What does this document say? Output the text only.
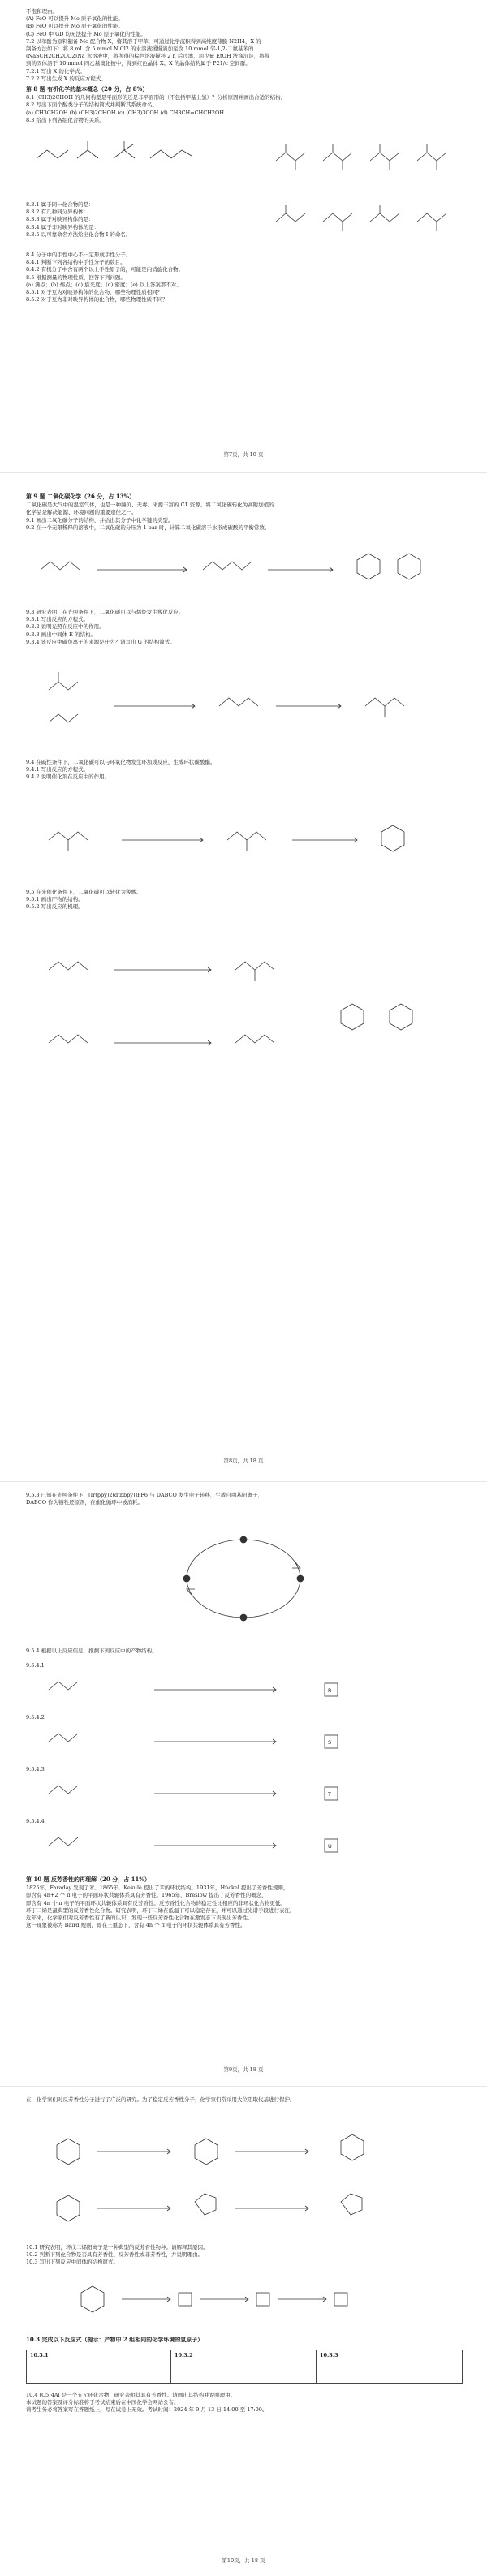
不饱和理由。

(A) FeO 可以提升 Mo 原子氧化的性能。

(B) FeO 可以提升 Mo 原子氧化的性能。

(C) FeO 中 GD 均无法提升 Mo 原子氧化的性能。

7.2 以苯酚为原料制备 Mo 配合物 X，将其溶于甲苯，可通过化学沉积得到高纯度薄膜 N2H4，X 的

制备方法如下：将 8 mL 含 5 mmol NiCl2 的水溶液缓慢滴加至含 10 mmol 邻-1,2-二氨基苯的

(NaSCH2CH2CO2)Na 水溶液中，将所得的棕色溶液搅拌 2 h 后过滤，用少量 EtOH 洗涤沉淀，将得

到的固体溶于 10 mmol 四乙基溴化铵中，得到红色晶体 X。X 的晶体结构属于 P21/c 空间群。

7.2.1 写出 X 的化学式。

7.2.2 写出生成 X 的反应方程式。

第 8 题 有机化学的基本概念（20 分，占 8%）

8.1 (CH3)2CHOH 的几何构型是平面形的还是非平面形的（不包括甲基上氢）？分析原因并画出合适的结构。

8.2 写出下面个醇类分子的结构简式并判断其系统命名。

(a) CH3CH2OH (b) (CH3)2CHOH (c) (CH3)3COH (d) CH3CH=CHCH2OH

8.3 给出下列各组化合物的关系。

8.3.1 属于同一化合物的是：

8.3.2 有几种同分异构体：

8.3.3 属于对映异构体的是：

8.3.4 属于非对映异构体的是：

8.3.5 以可靠命名方法给出化合物 I 的命名。

8.4 分子中的手性中心不一定形成手性分子。

8.4.1 判断下列各结构中手性分子的数目。

8.4.2 有机分子中含有两个以上手性原子的，可能是内消旋化合物。

8.5 根据测量的物理性质，回答下列问题。

(a) 沸点；(b) 熔点；(c) 旋光度；(d) 密度；(e) 以上答案都不对。

8.5.1 对于互为对映异构体的化合物，哪些物理性质相同？

8.5.2 对于互为非对映异构体的化合物，哪些物理性质不同？

第7页，共 18 页

第 9 题 二氧化碳化学（26 分，占 13%）

二氧化碳是大气中的温室气体，也是一种廉价、无毒、来源丰富的 C1 资源。将二氧化碳转化为高附加值的

化学品是解决能源、环境问题的重要途径之一。

9.1 画出二氧化碳分子的结构，并给出其分子中化学键的类型。

9.2 在一个无限稀释的溶液中，二氧化碳的分压为 1 bar 时，计算二氧化碳溶于水形成碳酸的平衡常数。

9.3 研究表明，在光照条件下，二氧化碳可以与烯烃发生羧化反应。

9.3.1 写出反应的方程式。

9.3.2 说明光照在反应中的作用。

9.3.3 画出中间体 E 的结构。

9.3.4 该反应中碳负离子的来源是什么？请写出 G 的结构简式。

9.4 在碱性条件下，二氧化碳可以与环氧化物发生环加成反应，生成环状碳酸酯。

9.4.1 写出反应的方程式。

9.4.2 说明催化剂在反应中的作用。

9.5 在光催化条件下，二氧化碳可以转化为羧酸。

9.5.1 画出产物的结构。

9.5.2 写出反应的机理。

第8页，共 18 页

9.5.3 已知在光照条件下，[Ir(ppy)2(dtbbpy)]PF6 与 DABCO 发生电子转移，生成自由基阳离子，

DABCO 作为牺牲还原剂，在催化循环中被消耗。

9.5.4 根据以上反应信息，推测下列反应中的产物结构。

9.5.4.1
R
9.5.4.2
S
9.5.4.3
T
9.5.4.4
U

第 10 题 反芳香性的再理解（20 分，占 11%）

1825年，Faraday 发现了苯。1865年，Kekulé 提出了苯的环状结构。1931年，Hückel 提出了芳香性规则，

即含有 4n+2 个 π 电子的平面环状共轭体系具有芳香性。1965年，Breslow 提出了反芳香性的概念，

即含有 4n 个 π 电子的平面环状共轭体系具有反芳香性。反芳香性化合物的稳定性比相应的非环状化合物更低。

环丁二烯是最典型的反芳香性化合物。研究表明，环丁二烯在低温下可以稳定存在，并可以通过光谱手段进行表征。

近年来，化学家们对反芳香性有了新的认识，发现一些反芳香性化合物在激发态下表现出芳香性。

这一现象被称为 Baird 规则，即在三重态下，含有 4n 个 π 电子的环状共轭体系具有芳香性。

第9页，共 18 页

在，化学家们对反芳香性分子进行了广泛的研究。为了稳定反芳香性分子，化学家们常采用大位阻取代基进行保护。

10.1 研究表明，环戊二烯阳离子是一种典型的反芳香性物种。请解释其原因。

10.2 判断下列化合物是否具有芳香性、反芳香性或非芳香性，并说明理由。

10.3 写出下列反应中间体的结构简式。

10.3 完成以下反应式（提示：产物中 2 组相同的化学环境的氢原子）

10.3.1	10.3.2	10.3.3

10.4 (C5)4Al 是一个五元环化合物，研究表明其具有芳香性。请画出其结构并说明理由。

本试题的答案及评分标准将于考试结束后在中国化学会网站公布。

请考生务必将答案写在答题纸上，写在试卷上无效。考试时间：2024 年 9 月 13 日 14:00 至 17:00。

第10页，共 18 页
